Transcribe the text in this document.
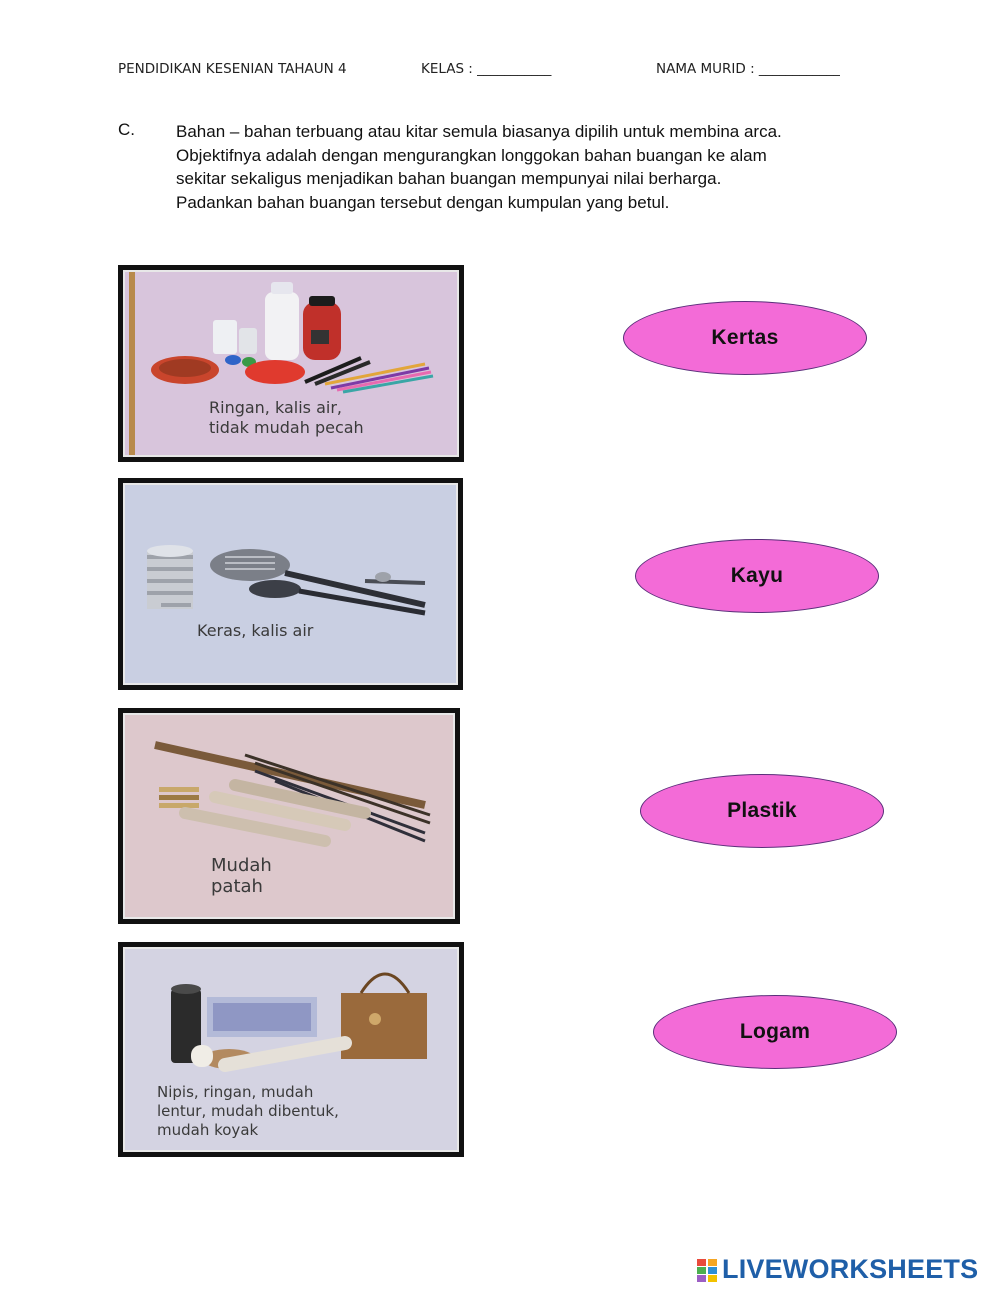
PENDIDIKAN KESENIAN TAHAUN 4	KELAS : ___________	NAMA MURID : ____________
C. Bahan – bahan terbuang atau kitar semula biasanya dipilih untuk membina arca.
Objektifnya adalah dengan mengurangkan longgokan bahan buangan ke alam
sekitar sekaligus menjadikan bahan buangan mempunyai nilai berharga.
Padankan bahan buangan tersebut dengan kumpulan yang betul.
Ringan, kalis air,
tidak mudah pecah
Keras, kalis air
Mudah
patah
Nipis, ringan, mudah
lentur, mudah dibentuk,
mudah koyak
Kertas
Kayu
Plastik
Logam
LIVEWORKSHEETS
